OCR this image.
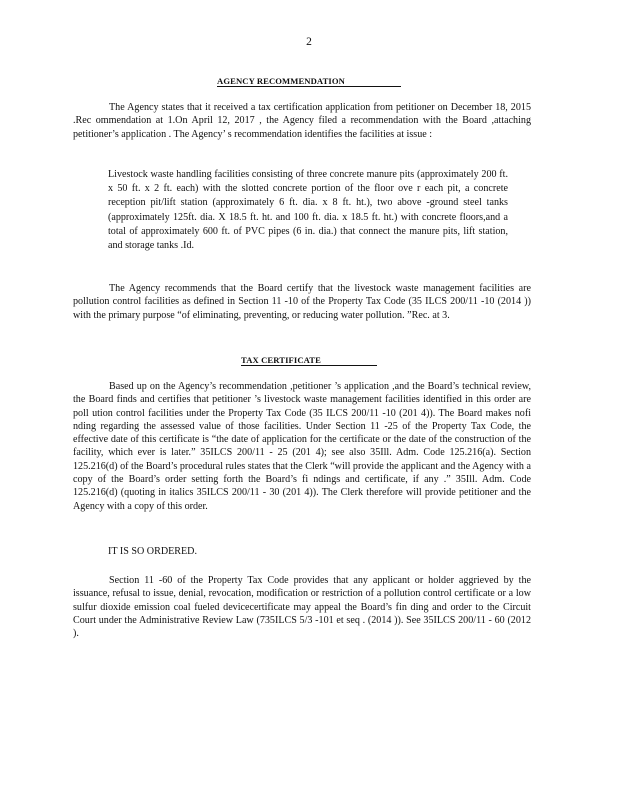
2
AGENCY RECOMMENDATION
The Agency states that it received a tax certification application from petitioner on December 18, 2015 .Rec ommendation at 1.On April 12, 2017 , the Agency filed a recommendation with the Board ,attaching petitioner’s application . The Agency’ s recommendation identifies the facilities at issue :
Livestock waste handling facilities consisting of three concrete manure pits (approximately 200 ft. x 50 ft. x 2 ft. each) with the slotted concrete portion of the floor ove r each pit, a concrete reception pit/lift station (approximately 6 ft. dia. x 8 ft. ht.), two above -ground steel tanks (approximately 125ft. dia. X 18.5 ft. ht. and 100 ft. dia. x 18.5 ft. ht.) with concrete floors,and a total of approximately 600 ft. of PVC pipes (6 in. dia.) that connect the manure pits, lift station, and storage tanks .Id.
The Agency recommends that the Board certify that the livestock waste management facilities are pollution control facilities as defined in Section 11 -10 of the Property Tax Code (35 ILCS 200/11 -10 (2014 )) with the primary purpose “of eliminating, preventing, or reducing water pollution. ”Rec. at 3.
TAX CERTIFICATE
Based up on the Agency’s recommendation ,petitioner ’s application ,and the Board’s technical review, the Board finds and certifies that petitioner ’s livestock waste management facilities identified in this order are poll ution control facilities under the Property Tax Code (35 ILCS 200/11 -10 (201 4)). The Board makes nofi nding regarding the assessed value of those facilities. Under Section 11 -25 of the Property Tax Code, the effective date of this certificate is “the date of application for the certificate or the date of the construction of the facility, which ever is later.” 35ILCS 200/11 - 25 (201 4); see also 35Ill. Adm. Code 125.216(a). Section 125.216(d) of the Board’s procedural rules states that the Clerk “will provide the applicant and the Agency with a copy of the Board’s order setting forth the Board’s fi ndings and certificate, if any .” 35Ill. Adm. Code 125.216(d) (quoting in italics 35ILCS 200/11 - 30 (201 4)). The Clerk therefore will provide petitioner and the Agency with a copy of this order.
IT IS SO ORDERED.
Section 11 -60 of the Property Tax Code provides that any applicant or holder aggrieved by the issuance, refusal to issue, denial, revocation, modification or restriction of a pollution control certificate or a low sulfur dioxide emission coal fueled devicecertificate may appeal the Board’s fin ding and order to the Circuit Court under the Administrative Review Law (735ILCS 5/3 -101 et seq . (2014 )). See 35ILCS 200/11 - 60 (2012 ).
